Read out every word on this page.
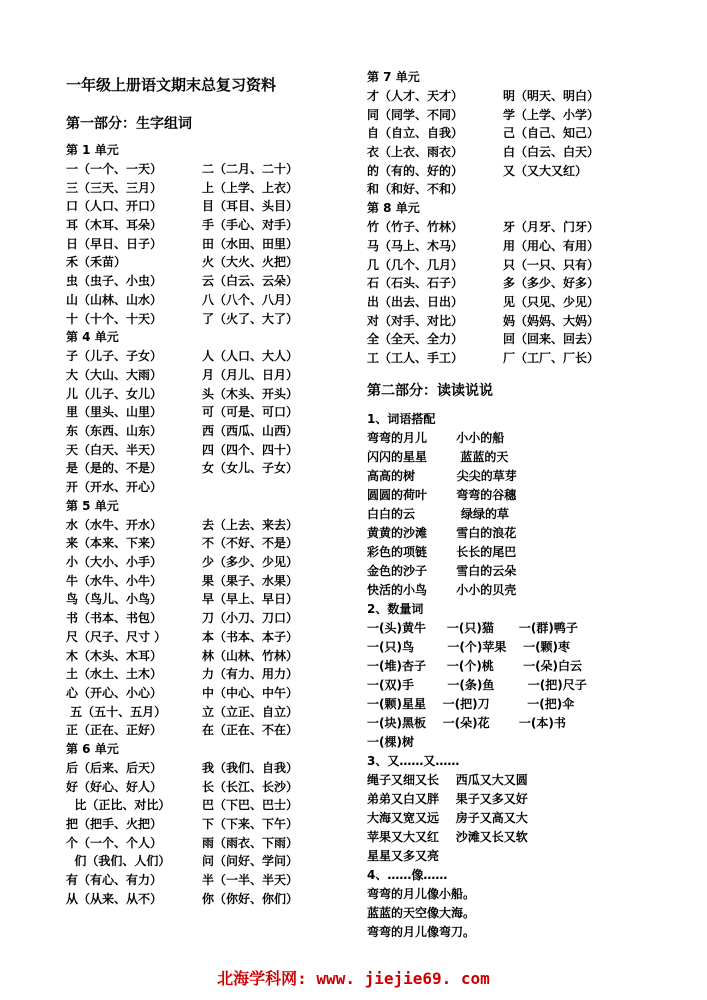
一年级上册语文期末总复习资料
第一部分：生字组词
第 1 单元
一（一个、一天）	二（二月、二十）
三（三天、三月）	上（上学、上衣）
口（人口、开口）	目（耳目、头目）
耳（木耳、耳朵）	手（手心、对手）
日（早日、日子）	田（水田、田里）
禾（禾苗）	火（大火、火把）
虫（虫子、小虫）	云（白云、云朵）
山（山林、山水）	八（八个、八月）
十（十个、十天）	了（火了、大了）
第 4 单元
子（儿子、子女）	人（人口、大人）
大（大山、大雨）	月（月儿、日月）
儿（儿子、女儿）	头（木头、开头）
里（里头、山里）	可（可是、可口）
东（东西、山东）	西（西瓜、山西）
天（白天、半天）	四（四个、四十）
是（是的、不是）	女（女儿、子女）
开（开水、开心）
第 5 单元
水（水牛、开水）	去（上去、来去）
来（本来、下来）	不（不好、不是）
小（大小、小手）	少（多少、少见）
牛（水牛、小牛）	果（果子、水果）
鸟（鸟儿、小鸟）	早（早上、早日）
书（书本、书包）	刀（小刀、刀口）
尺（尺子、尺寸 ）	本（书本、本子）
木（木头、木耳）	林（山林、竹林）
土（水土、土木）	力（有力、用力）
心（开心、小心）	中（中心、中午）
五（五十、五月）	立（立正、自立）
正（正在、正好）	在（正在、不在）
第 6 单元
后（后来、后天）	我（我们、自我）
好（好心、好人）	长（长江、长沙）
比（正比、对比）	巴（下巴、巴士）
把（把手、火把）	下（下来、下午）
个（一个、个人）	雨（雨衣、下雨）
们（我们、人们）	问（问好、学问）
有（有心、有力）	半（一半、半天）
从（从来、从不）	你（你好、你们）
第 7 单元
才（人才、天才）	明（明天、明白）
同（同学、不同）	学（上学、小学）
自（自立、自我）	己（自己、知己）
衣（上衣、雨衣）	白（白云、白天）
的（有的、好的）	又（又大又红）
和（和好、不和）
第 8 单元
竹（竹子、竹林）	牙（月牙、门牙）
马（马上、木马）	用（用心、有用）
几（几个、几月）	只（一只、只有）
石（石头、石子）	多（多少、好多）
出（出去、日出）	见（只见、少见）
对（对手、对比）	妈（妈妈、大妈）
全（全天、全力）	回（回来、回去）
工（工人、手工）	厂（工厂、厂长）
第二部分：读读说说
1、词语搭配
弯弯的月儿       小小的船
闪闪的星星        蓝蓝的天
高高的树          尖尖的草芽
圆圆的荷叶       弯弯的谷穗
白白的云           绿绿的草
黄黄的沙滩       雪白的浪花
彩色的项链       长长的尾巴
金色的沙子       雪白的云朵
快活的小鸟       小小的贝壳
2、数量词
一(头)黄牛     一(只)猫      一(群)鸭子
一(只)鸟        一(个)苹果    一(颗)枣
一(堆)杏子     一(个)桃       一(朵)白云
一(双)手        一(条)鱼        一(把)尺子
一(颗)星星    一(把)刀         一(把)伞
一(块)黑板    一(朵)花       一(本)书
一(棵)树
3、又……又……
绳子又细又长    西瓜又大又圆
弟弟又白又胖    果子又多又好
大海又宽又远    房子又高又大
苹果又大又红    沙滩又长又软
星星又多又亮
4、……像……
弯弯的月儿像小船。
蓝蓝的天空像大海。
弯弯的月儿像弯刀。
北海学科网: www. jiejie69. com
